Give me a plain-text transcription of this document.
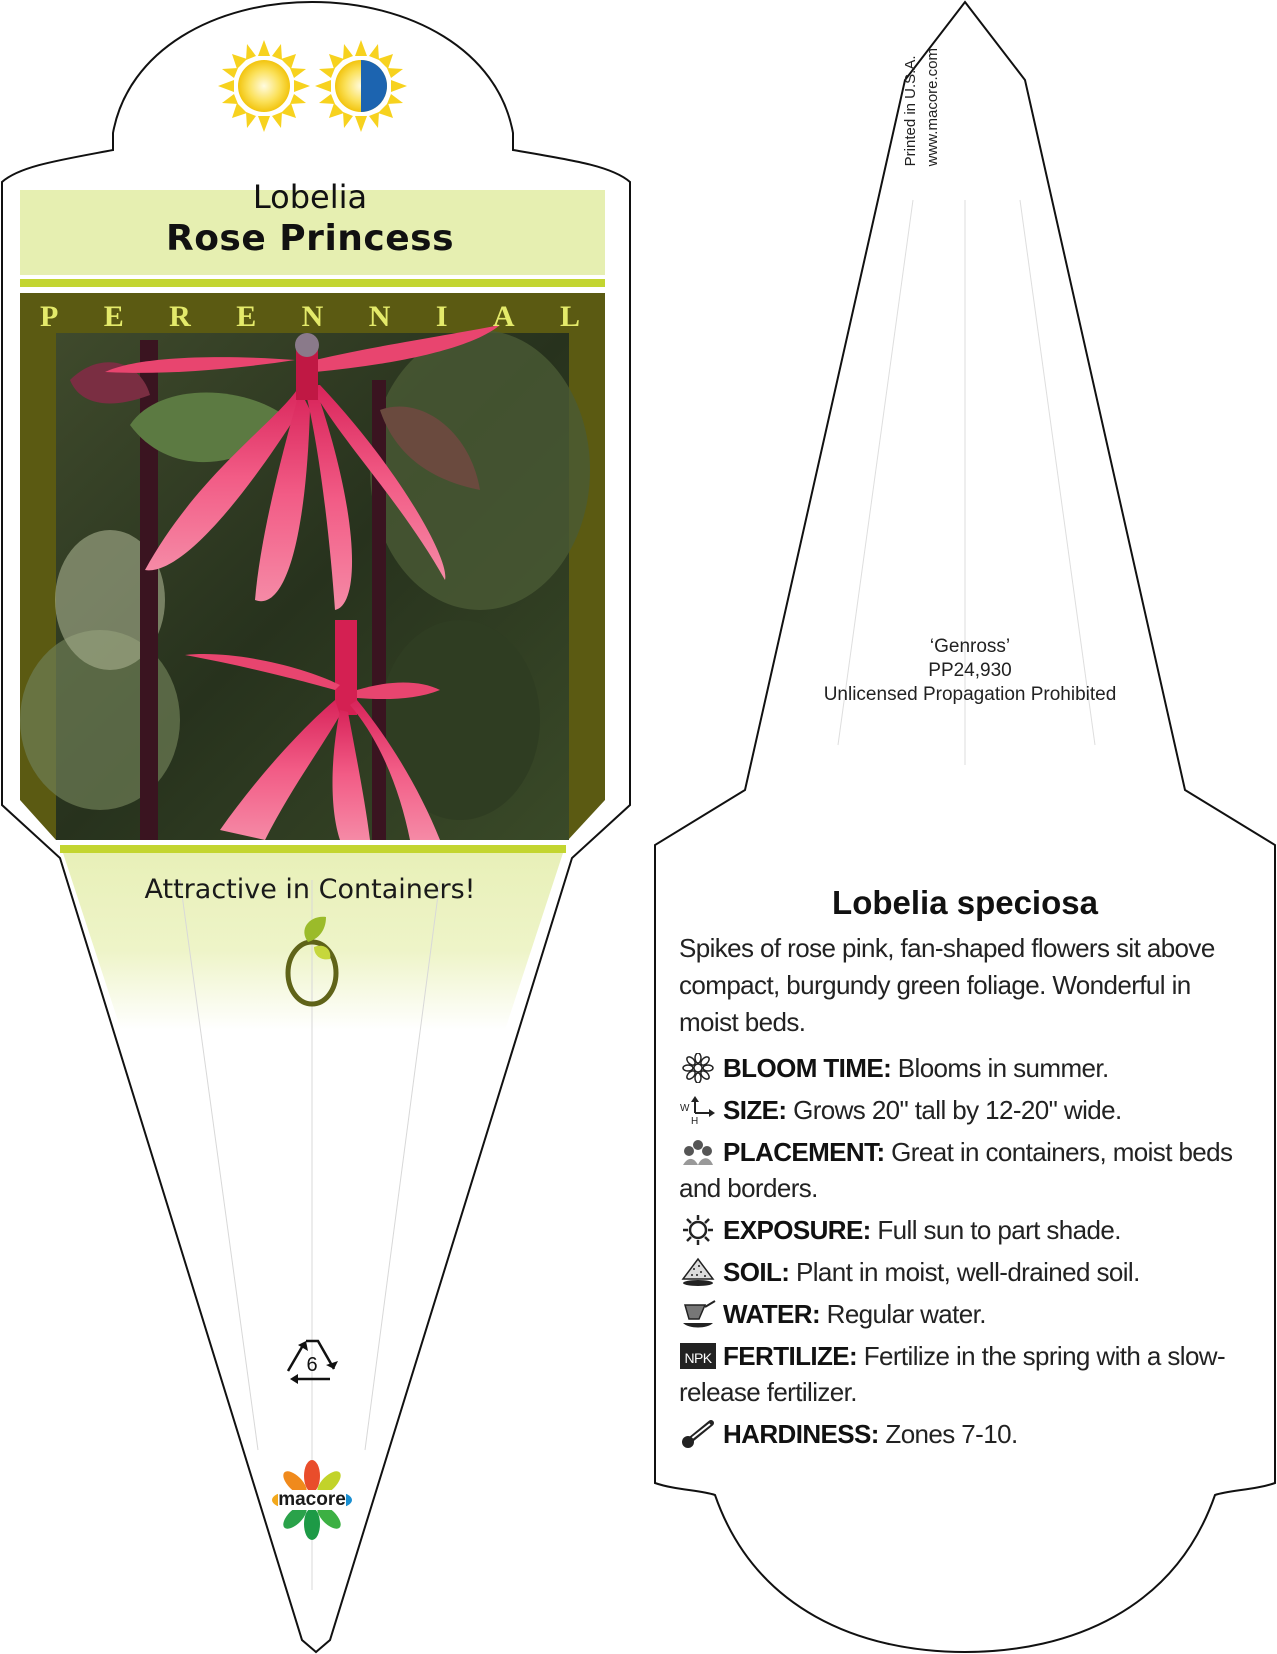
Lobelia
Rose Princess
P E R E N N I A L
Attractive in Containers!
6
macore
Printed in U.S.A. www.macore.com
‘Genross’
PP24,930
Unlicensed Propagation Prohibited
Lobelia speciosa
Spikes of rose pink, fan-shaped flowers sit above compact, burgundy green foliage. Wonderful in moist beds.
BLOOM TIME: Blooms in summer.
W
H SIZE: Grows 20" tall by 12-20" wide.
PLACEMENT: Great in containers, moist beds and borders.
EXPOSURE: Full sun to part shade.
SOIL: Plant in moist, well-drained soil.
WATER: Regular water.
NPK FERTILIZE: Fertilize in the spring with a slow-release fertilizer.
HARDINESS: Zones 7-10.
